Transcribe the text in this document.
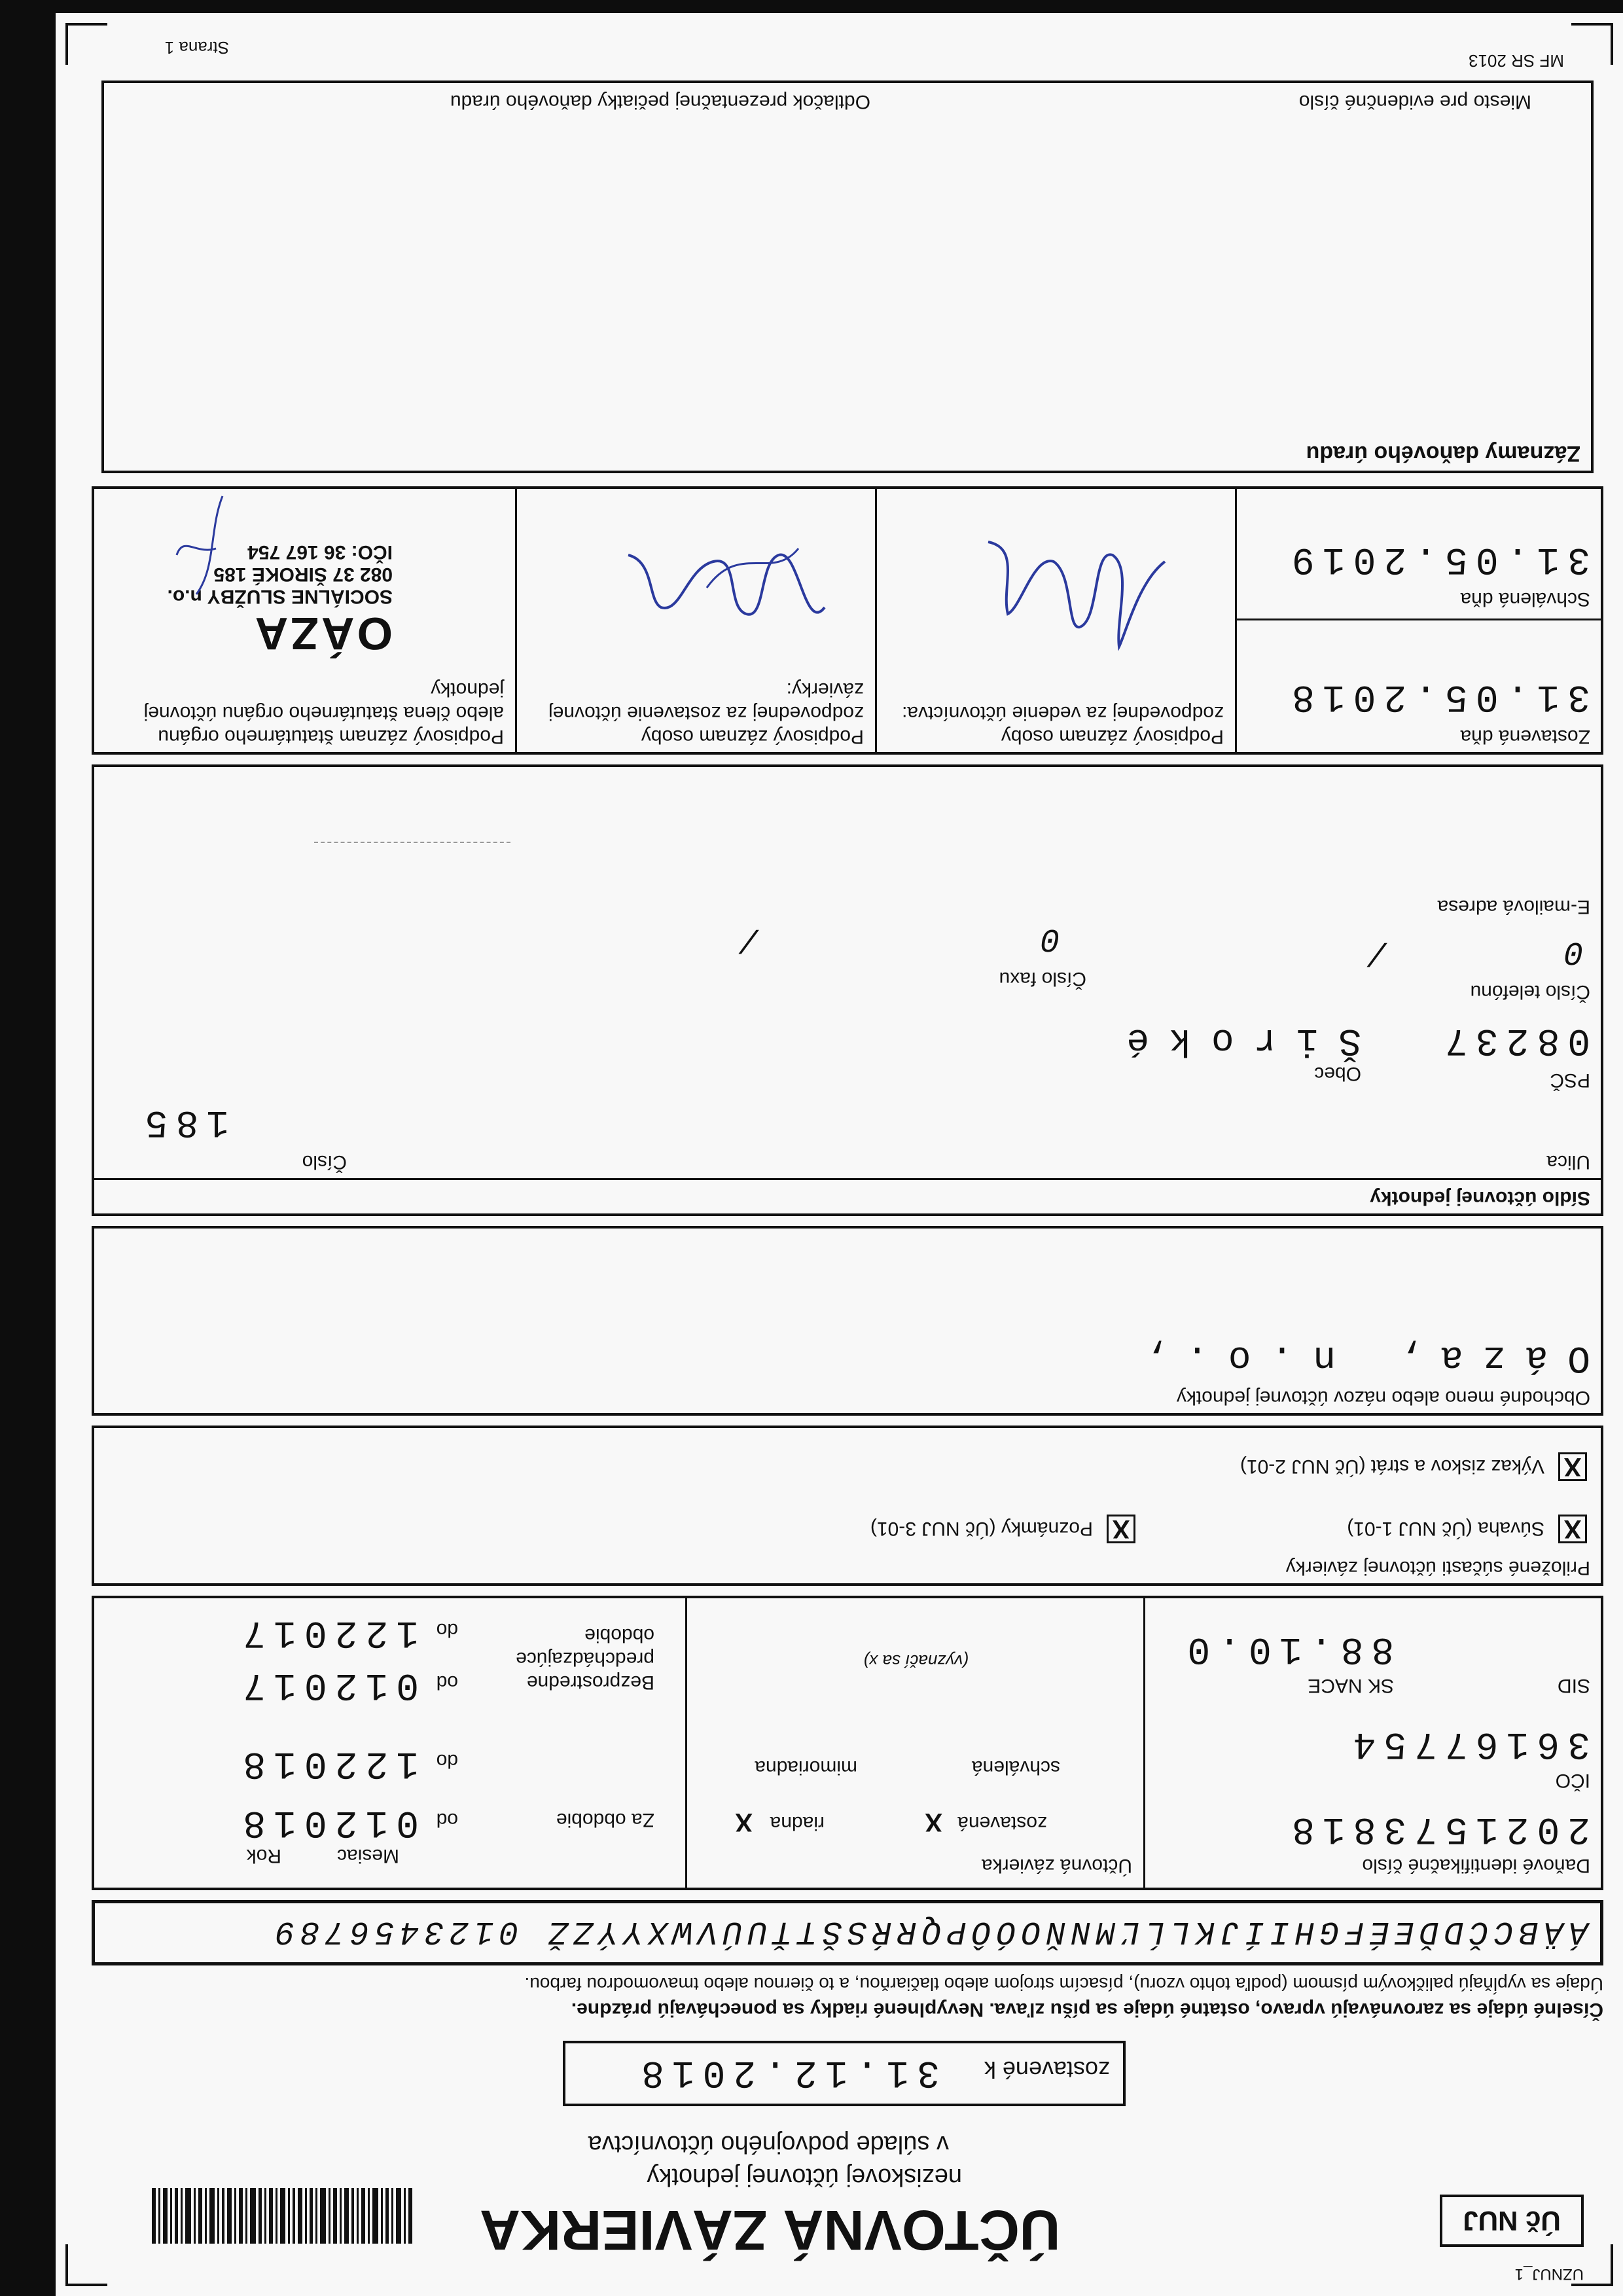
UZNUJ_1
Úč NUJ
ÚČTOVNÁ ZÁVIERKA
neziskovej účtovnej jednotky
v súlade podvojného účtovníctva
zostavené k
31.12.2018
Číselné údaje sa zarovnávajú vpravo, ostatné údaje sa píšu zľava. Nevyplnené riadky sa ponechávajú prázdne.
Údaje sa vypĺňajú paličkovým písmom (podľa tohto vzoru), písacím strojom alebo tlačiarňou, a to čiernou alebo tmavomodrou farbou.
ÁÄBCČDĎEÉFGHIÍJKLĹĽMNŇOÓÔPQRŔSŠTŤUÚVWXYÝZŽ 0123456789
Daňové identifikačné číslo
2021573818
IČO
36167754
SID
SK NACE
88.10.0
Účtovná závierka
X riadna	X zostavená
mimoriadna	schválená
(vyznačí sa x)
Mesiac
Rok
Za obdobie
Bezprostredne predchádzajúce obdobie
od
012018
do
122018
od
012017
do
122017
Priložené súčasti účtovnej závierky
X
Súvaha (Úč NUJ 1-01)
X
Poznámky (Úč NUJ 3-01)
X
Výkaz ziskov a strát (Úč NUJ 2-01)
Obchodné meno alebo názov účtovnej jednotky
Oáza, n.o.,
Sídlo účtovnej jednotky
Ulica
Číslo
185
PSČ
Obec
08237
Široké
Číslo telefónu
Číslo faxu
0 /
0 /
E-mailová adresa
Zostavená dňa
31.05.2018
Schválená dňa
31.05.2019
Podpisový záznam osoby zodpovednej za vedenie účtovníctva:
Podpisový záznam osoby zodpovednej za zostavenie účtovnej závierky:
Podpisový záznam štatutárneho orgánu alebo člena štatutárneho orgánu účtovnej jednotky
OÁZA
SOCIÁLNE SLUŽBY n.o.
082 37 ŠIROKÉ 185
IČO: 36 167 754
Záznamy daňového úradu
Miesto pre evidenčné číslo
Odtlačok prezentačnej pečiatky daňového úradu
MF SR 2013
Strana 1
